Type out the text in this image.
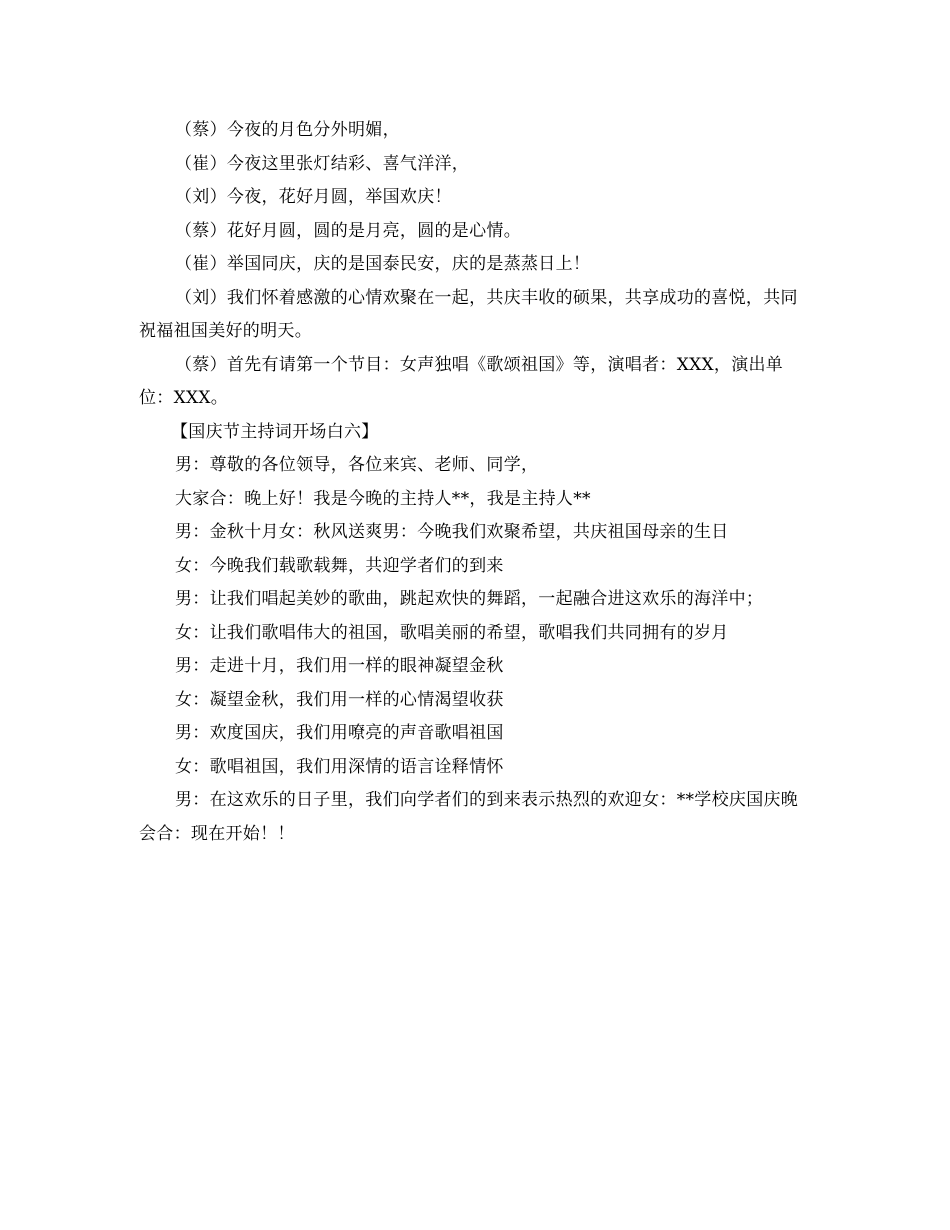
（蔡）今夜的月色分外明媚，

（崔）今夜这里张灯结彩、喜气洋洋，

（刘）今夜，花好月圆，举国欢庆！

（蔡）花好月圆，圆的是月亮，圆的是心情。

（崔）举国同庆，庆的是国泰民安，庆的是蒸蒸日上！

（刘）我们怀着感激的心情欢聚在一起，共庆丰收的硕果，共享成功的喜悦，共同祝福祖国美好的明天。

（蔡）首先有请第一个节目：女声独唱《歌颂祖国》等，演唱者：XXX，演出单位：XXX。

【国庆节主持词开场白六】

男：尊敬的各位领导，各位来宾、老师、同学，

大家合：晚上好！我是今晚的主持人**，我是主持人**

男：金秋十月女：秋风送爽男：今晚我们欢聚希望，共庆祖国母亲的生日

女：今晚我们载歌载舞，共迎学者们的到来

男：让我们唱起美妙的歌曲，跳起欢快的舞蹈，一起融合进这欢乐的海洋中；

女：让我们歌唱伟大的祖国，歌唱美丽的希望，歌唱我们共同拥有的岁月

男：走进十月，我们用一样的眼神凝望金秋

女：凝望金秋，我们用一样的心情渴望收获

男：欢度国庆，我们用嘹亮的声音歌唱祖国

女：歌唱祖国，我们用深情的语言诠释情怀

男：在这欢乐的日子里，我们向学者们的到来表示热烈的欢迎女：**学校庆国庆晚会合：现在开始！！
